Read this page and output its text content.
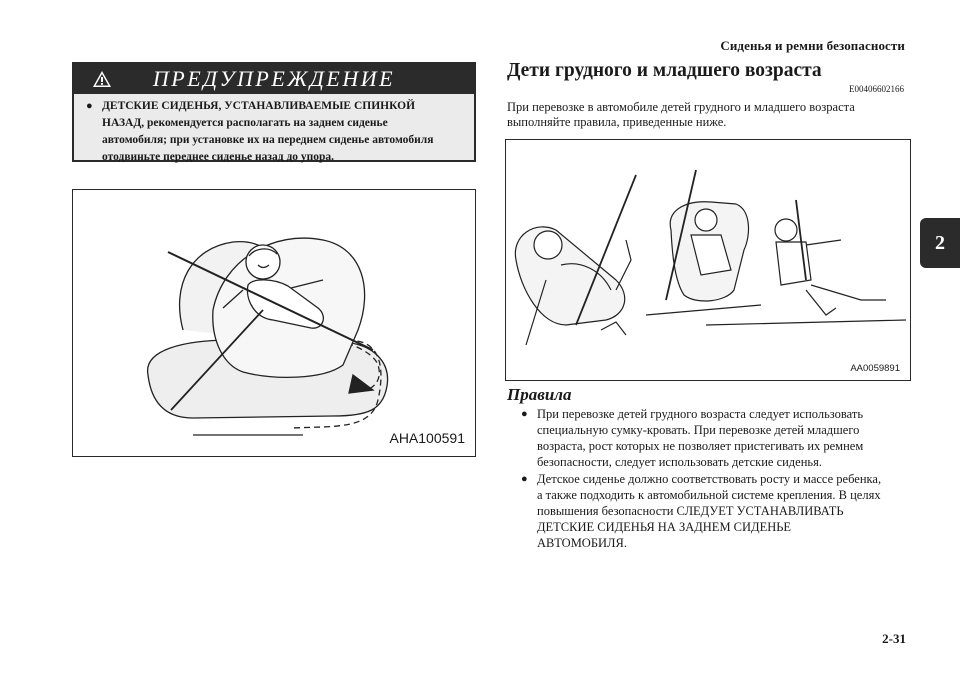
Сиденья и ремни безопасности
2
ПРЕДУПРЕЖДЕНИЕ
● ДЕТСКИЕ СИДЕНЬЯ, УСТАНАВЛИВАЕМЫЕ СПИНКОЙ
НАЗАД, рекомендуется располагать на заднем сиденье
автомобиля; при установке их на переднем сиденье автомобиля
отодвиньте переднее сиденье назад до упора.
AHA100591
Дети грудного и младшего возраста
E00406602166
При перевозке в автомобиле детей грудного и младшего возраста
выполняйте правила, приведенные ниже.
AA0059891
Правила
● При перевозке детей грудного возраста следует использовать
специальную сумку-кровать. При перевозке детей младшего
возраста, рост которых не позволяет пристегивать их ремнем
безопасности, следует использовать детские сиденья.
● Детское сиденье должно соответствовать росту и массе ребенка,
а также подходить к автомобильной системе крепления. В целях
повышения безопасности СЛЕДУЕТ УСТАНАВЛИВАТЬ
ДЕТСКИЕ СИДЕНЬЯ НА ЗАДНЕМ СИДЕНЬЕ
АВТОМОБИЛЯ.
2-31
